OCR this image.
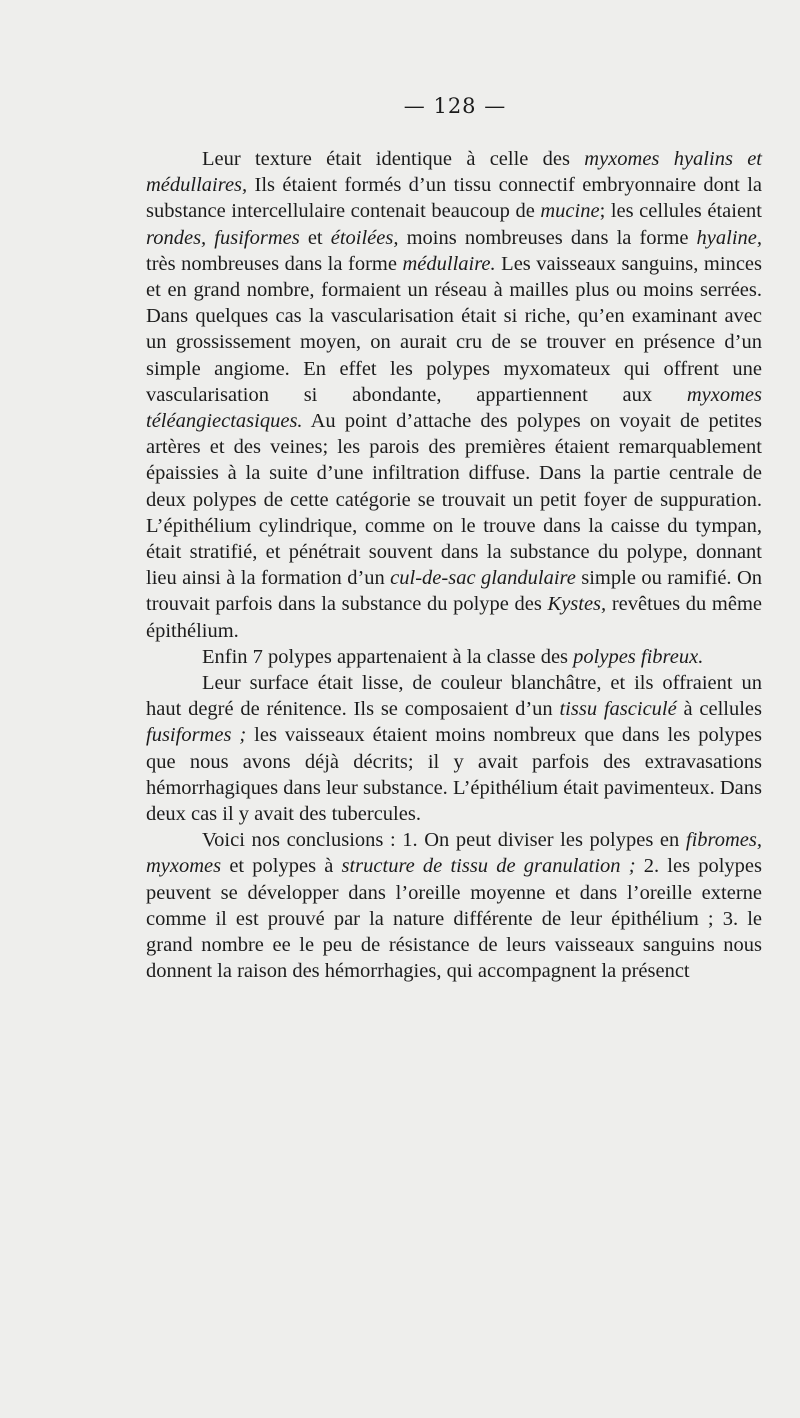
— 128 —

Leur texture était identique à celle des myxomes hyalins et médullaires, Ils étaient formés d’un tissu connectif embryonnaire dont la substance intercellulaire contenait beaucoup de mucine; les cellules étaient rondes, fusiformes et étoilées, moins nombreuses dans la forme hyaline, très nombreuses dans la forme médullaire. Les vaisseaux sanguins, minces et en grand nombre, formaient un réseau à mailles plus ou moins serrées. Dans quelques cas la vascularisation était si riche, qu’en examinant avec un grossissement moyen, on aurait cru de se trouver en présence d’un simple angiome. En effet les polypes myxomateux qui offrent une vascularisation si abondante, appartiennent aux myxomes téléangiectasiques. Au point d’attache des polypes on voyait de petites artères et des veines; les parois des premières étaient remarquablement épaissies à la suite d’une infiltration diffuse. Dans la partie centrale de deux polypes de cette catégorie se trouvait un petit foyer de suppuration. L’épithélium cylindrique, comme on le trouve dans la caisse du tympan, était stratifié, et pénétrait souvent dans la substance du polype, donnant lieu ainsi à la formation d’un cul-de-sac glandulaire simple ou ramifié. On trouvait parfois dans la substance du polype des Kystes, revêtues du même épithélium.

Enfin 7 polypes appartenaient à la classe des polypes fibreux.

Leur surface était lisse, de couleur blanchâtre, et ils offraient un haut degré de rénitence. Ils se composaient d’un tissu fasciculé à cellules fusiformes ; les vaisseaux étaient moins nombreux que dans les polypes que nous avons déjà décrits; il y avait parfois des extravasations hémorrhagiques dans leur substance. L’épithélium était pavimenteux. Dans deux cas il y avait des tubercules.

Voici nos conclusions : 1. On peut diviser les polypes en fibromes, myxomes et polypes à structure de tissu de granulation ; 2. les polypes peuvent se développer dans l’oreille moyenne et dans l’oreille externe comme il est prouvé par la nature différente de leur épithélium ; 3. le grand nombre ee le peu de résistance de leurs vaisseaux sanguins nous donnent la raison des hémorrhagies, qui accompagnent la présenct
